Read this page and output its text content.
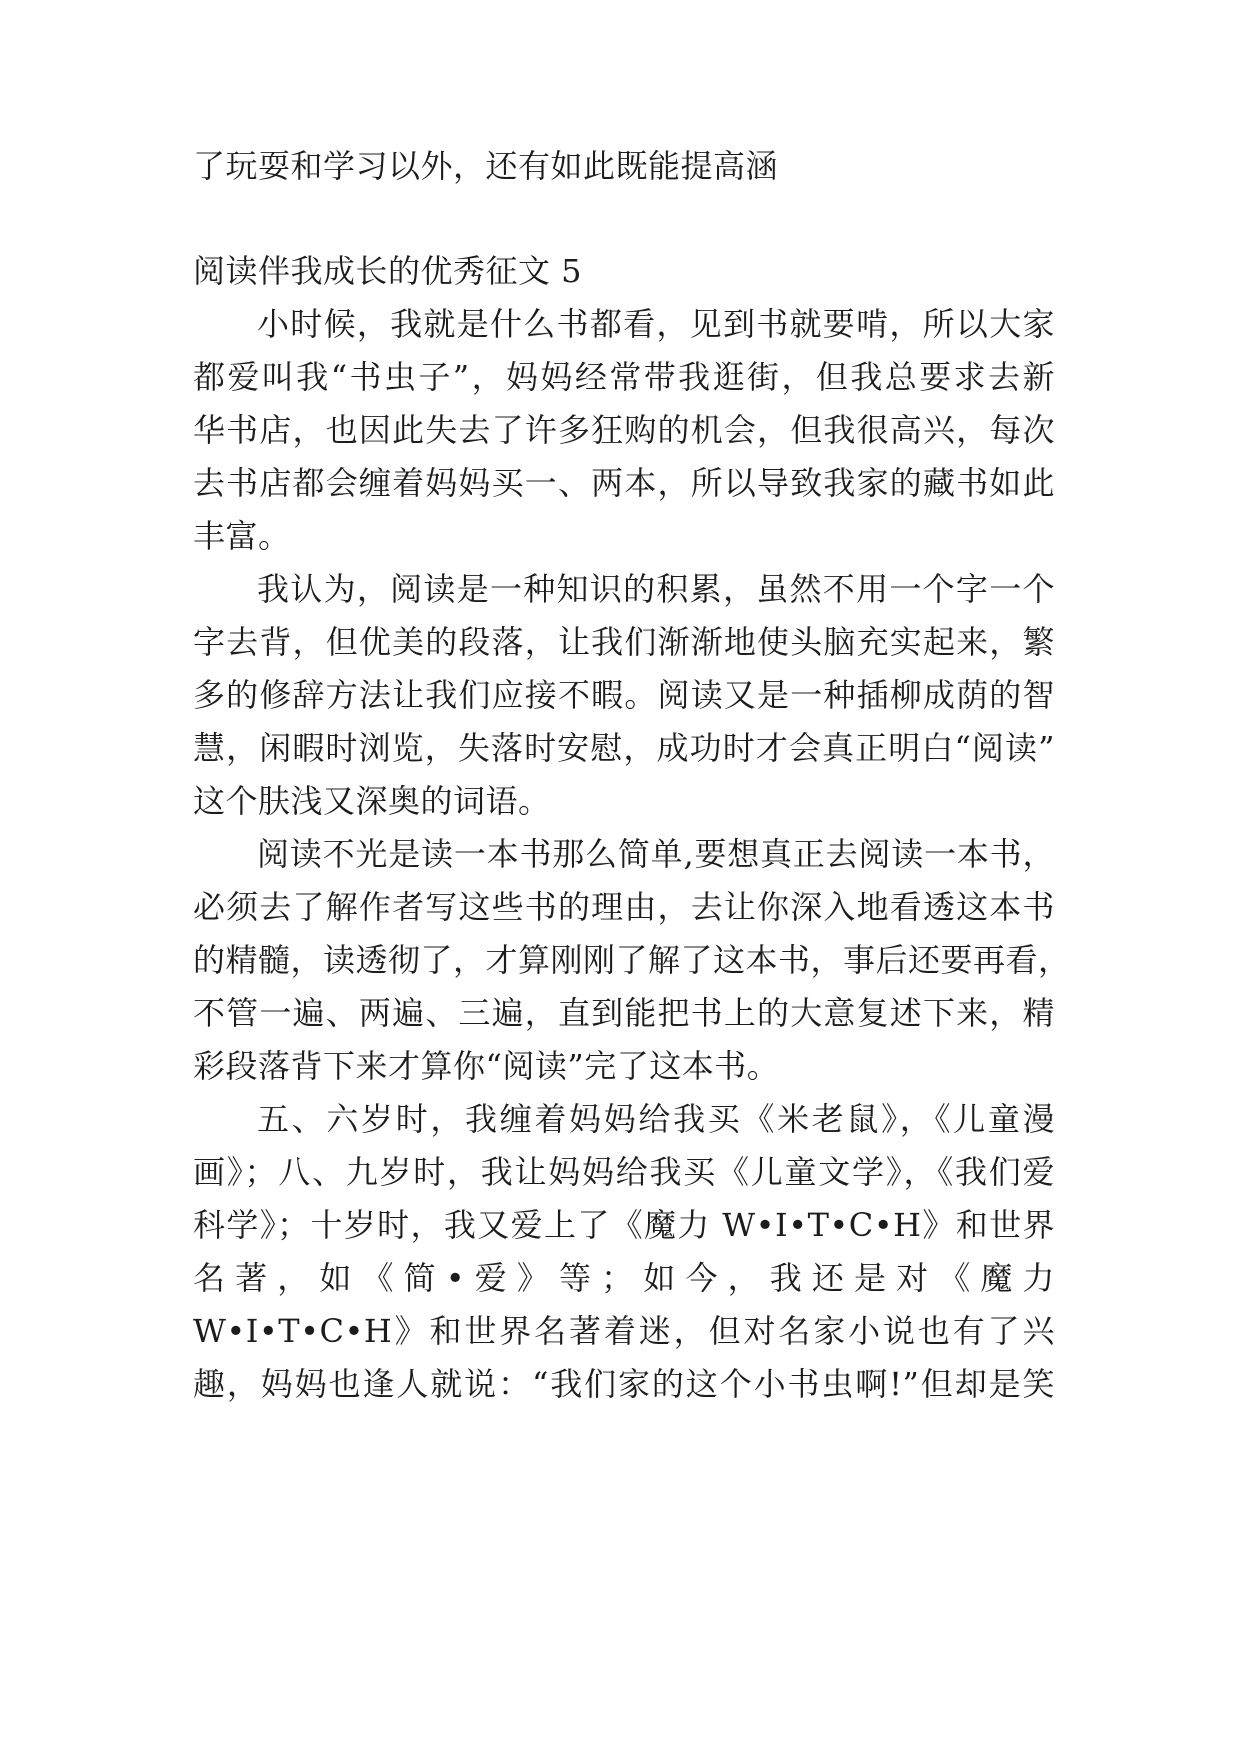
了玩耍和学习以外，还有如此既能提高涵
阅读伴我成长的优秀征文 5
小时候，我就是什么书都看，见到书就要啃，所以大家
都爱叫我“书虫子”，妈妈经常带我逛街，但我总要求去新
华书店，也因此失去了许多狂购的机会，但我很高兴，每次
去书店都会缠着妈妈买一、两本，所以导致我家的藏书如此
丰富。
我认为，阅读是一种知识的积累，虽然不用一个字一个
字去背，但优美的段落，让我们渐渐地使头脑充实起来，繁
多的修辞方法让我们应接不暇。阅读又是一种插柳成荫的智
慧，闲暇时浏览，失落时安慰，成功时才会真正明白“阅读”
这个肤浅又深奥的词语。
阅读不光是读一本书那么简单,要想真正去阅读一本书，
必须去了解作者写这些书的理由，去让你深入地看透这本书
的精髓，读透彻了，才算刚刚了解了这本书，事后还要再看，
不管一遍、两遍、三遍，直到能把书上的大意复述下来，精
彩段落背下来才算你“阅读”完了这本书。
五、六岁时，我缠着妈妈给我买《米老鼠》，《儿童漫
画》；八、九岁时，我让妈妈给我买《儿童文学》，《我们爱
科学》；十岁时，我又爱上了《魔力 W•I•T•C•H》和世界
名著，如《简•爱》等；如今，我还是对《魔力
W•I•T•C•H》和世界名著着迷，但对名家小说也有了兴
趣，妈妈也逢人就说：“我们家的这个小书虫啊!”但却是笑
